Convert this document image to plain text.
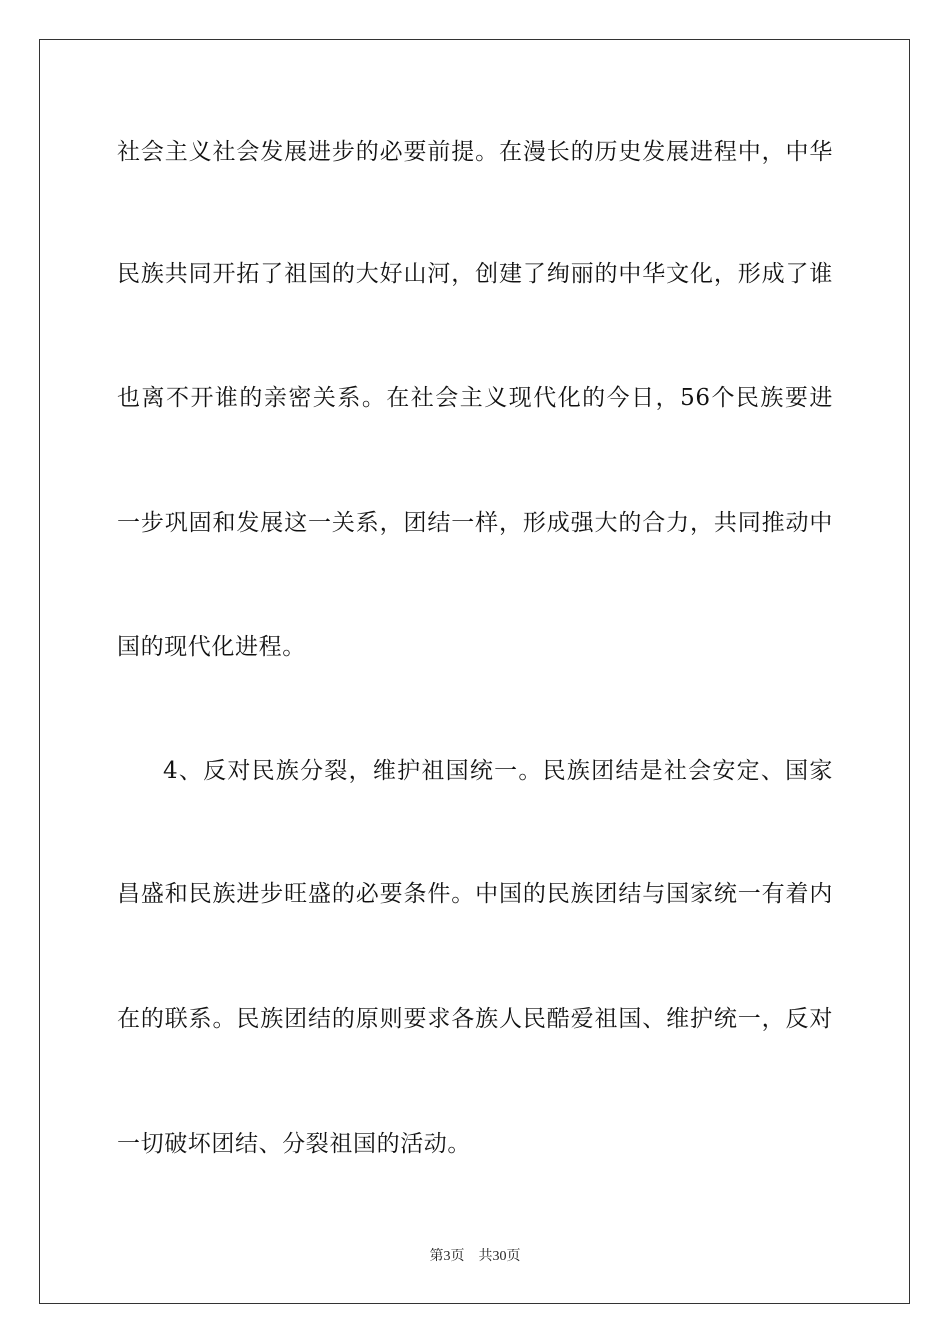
社会主义社会发展进步的必要前提。在漫长的历史发展进程中，中华
民族共同开拓了祖国的大好山河，创建了绚丽的中华文化，形成了谁
也离不开谁的亲密关系。在社会主义现代化的今日，56个民族要进
一步巩固和发展这一关系，团结一样，形成强大的合力，共同推动中
国的现代化进程。
4、反对民族分裂，维护祖国统一。民族团结是社会安定、国家
昌盛和民族进步旺盛的必要条件。中国的民族团结与国家统一有着内
在的联系。民族团结的原则要求各族人民酷爱祖国、维护统一，反对
一切破坏团结、分裂祖国的活动。
第3页 共30页
